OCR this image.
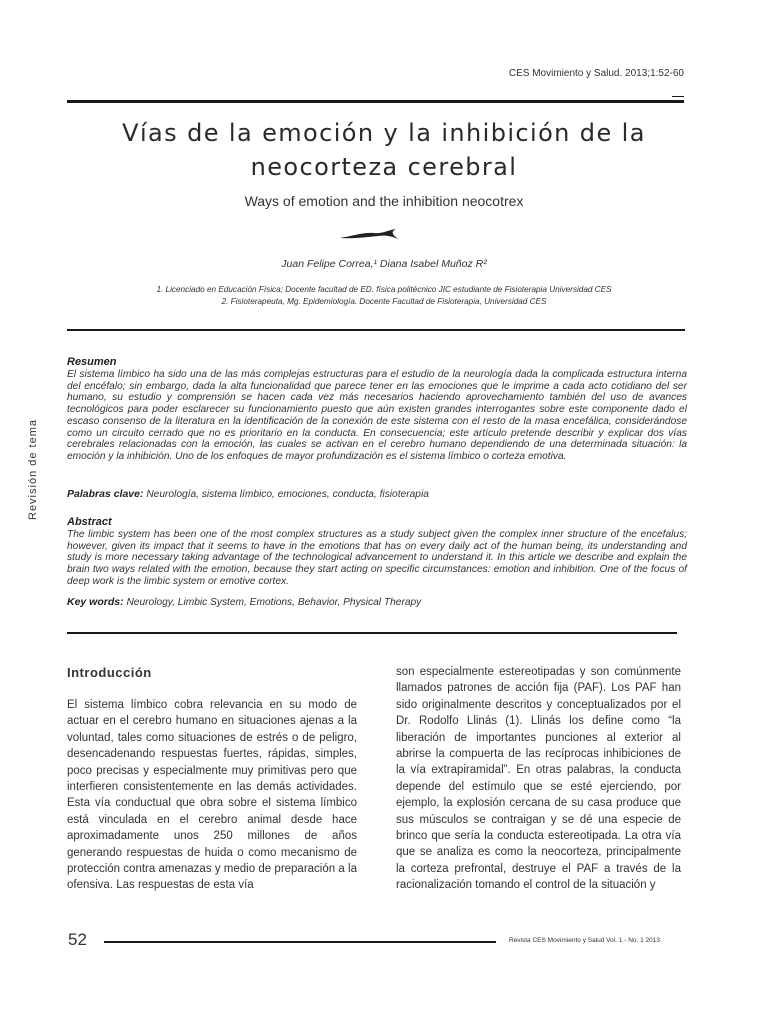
CES Movimiento y Salud. 2013;1:52-60
Vías de la emoción y la inhibición de la
neocorteza cerebral
Ways of emotion and the inhibition neocotrex
Juan Felipe Correa,¹ Diana Isabel Muñoz R²
1. Licenciado en Educación Física; Docente facultad de ED. física politécnico JIC estudiante de Fisioterapia Universidad CES
2. Fisioterapeuta, Mg. Epidemiología. Docente Facultad de Fisioterapia, Universidad CES
Revisión de tema
Resumen
El sistema límbico ha sido una de las más complejas estructuras para el estudio de la neurología dada la complicada estructura interna del encéfalo; sin embargo, dada la alta funcionalidad que parece tener en las emociones que le imprime a cada acto cotidiano del ser humano, su estudio y comprensión se hacen cada vez más necesarios haciendo aprovechamiento también del uso de avances tecnológicos para poder esclarecer su funcionamiento puesto que aún existen grandes interrogantes sobre este componente dado el escaso consenso de la literatura en la identificación de la conexión de este sistema con el resto de la masa encefálica, considerándose como un circuito cerrado que no es prioritario en la conducta. En consecuencia; este artículo pretende describir y explicar dos vías cerebrales relacionadas con la emoción, las cuales se activan en el cerebro humano dependiendo de una determinada situación: la emoción y la inhibición. Uno de los enfoques de mayor profundización es el sistema límbico o corteza emotiva.
Palabras clave: Neurología, sistema límbico, emociones, conducta, fisioterapia
Abstract
The limbic system has been one of the most complex structures as a study subject given the complex inner structure of the encefalus; however, given its impact that it seems to have in the emotions that has on every daily act of the human being, its understanding and study is more necessary taking advantage of the technological advancement to understand it. In this article we describe and explain the brain two ways related with the emotion, because they start acting on specific circumstances: emotion and inhibition. One of the focus of deep work is the limbic system or emotive cortex.
Key words: Neurology, Limbic System, Emotions, Behavior, Physical Therapy
Introducción
El sistema límbico cobra relevancia en su modo de actuar en el cerebro humano en situaciones ajenas a la voluntad, tales como situaciones de estrés o de peligro, desencadenando respuestas fuertes, rápidas, simples, poco precisas y especialmente muy primitivas pero que interfieren consistentemente en las demás actividades. Esta vía conductual que obra sobre el sistema límbico está vinculada en el cerebro animal desde hace aproximadamente unos 250 millones de años generando respuestas de huida o como mecanismo de protección contra amenazas y medio de preparación a la ofensiva. Las respuestas de esta vía
son especialmente estereotipadas y son comúnmente llamados patrones de acción fija (PAF). Los PAF han sido originalmente descritos y conceptualizados por el Dr. Rodolfo Llinás (1). Llinás los define como “la liberación de importantes punciones al exterior al abrirse la compuerta de las recíprocas inhibiciones de la vía extrapiramidal”. En otras palabras, la conducta depende del estímulo que se esté ejerciendo, por ejemplo, la explosión cercana de su casa produce que sus músculos se contraigan y se dé una especie de brinco que sería la conducta estereotipada. La otra vía que se analiza es como la neocorteza, principalmente la corteza prefrontal, destruye el PAF a través de la racionalización tomando el control de la situación y
52	Revista CES Movimiento y Salud Vol. 1 - No. 1 2013
